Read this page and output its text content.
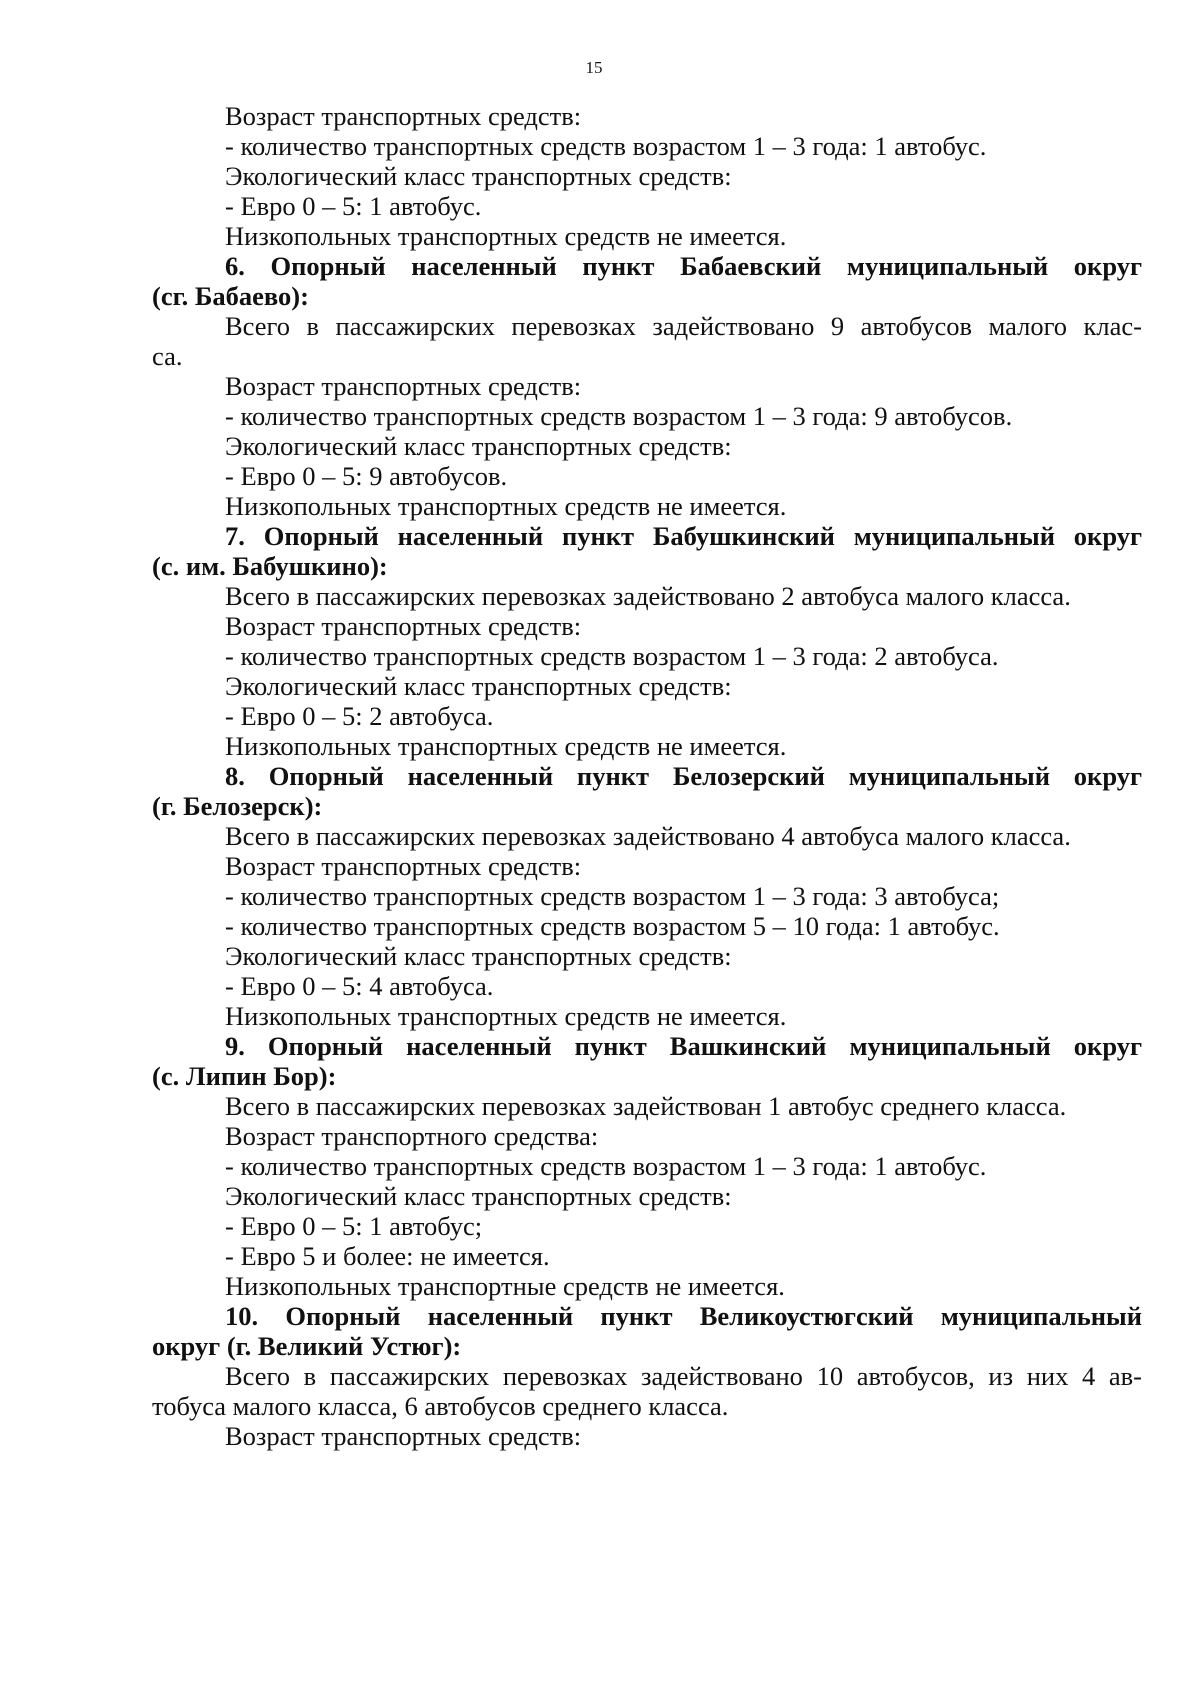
15

Возраст транспортных средств:

- количество транспортных средств возрастом 1 – 3 года: 1 автобус.

Экологический класс транспортных средств:

- Евро 0 – 5: 1 автобус.

Низкопольных транспортных средств не имеется.

6. Опорный населенный пункт Бабаевский муниципальный округ

(сг. Бабаево):

Всего в пассажирских перевозках задействовано 9 автобусов малого клас-

са.

Возраст транспортных средств:

- количество транспортных средств возрастом 1 – 3 года: 9 автобусов.

Экологический класс транспортных средств:

- Евро 0 – 5: 9 автобусов.

Низкопольных транспортных средств не имеется.

7. Опорный населенный пункт Бабушкинский муниципальный округ

(с. им. Бабушкино):

Всего в пассажирских перевозках задействовано 2 автобуса малого класса.

Возраст транспортных средств:

- количество транспортных средств возрастом 1 – 3 года: 2 автобуса.

Экологический класс транспортных средств:

- Евро 0 – 5: 2 автобуса.

Низкопольных транспортных средств не имеется.

8. Опорный населенный пункт Белозерский муниципальный округ

(г. Белозерск):

Всего в пассажирских перевозках задействовано 4 автобуса малого класса.

Возраст транспортных средств:

- количество транспортных средств возрастом 1 – 3 года: 3 автобуса;

- количество транспортных средств возрастом 5 – 10 года: 1 автобус.

Экологический класс транспортных средств:

- Евро 0 – 5: 4 автобуса.

Низкопольных транспортных средств не имеется.

9. Опорный населенный пункт Вашкинский муниципальный округ

(с. Липин Бор):

Всего в пассажирских перевозках задействован 1 автобус среднего класса.

Возраст транспортного средства:

- количество транспортных средств возрастом 1 – 3 года: 1 автобус.

Экологический класс транспортных средств:

- Евро 0 – 5: 1 автобус;

- Евро 5 и более: не имеется.

Низкопольных транспортные средств не имеется.

10. Опорный населенный пункт Великоустюгский муниципальный

округ (г. Великий Устюг):

Всего в пассажирских перевозках задействовано 10 автобусов, из них 4 ав-

тобуса малого класса, 6 автобусов среднего класса.

Возраст транспортных средств:
